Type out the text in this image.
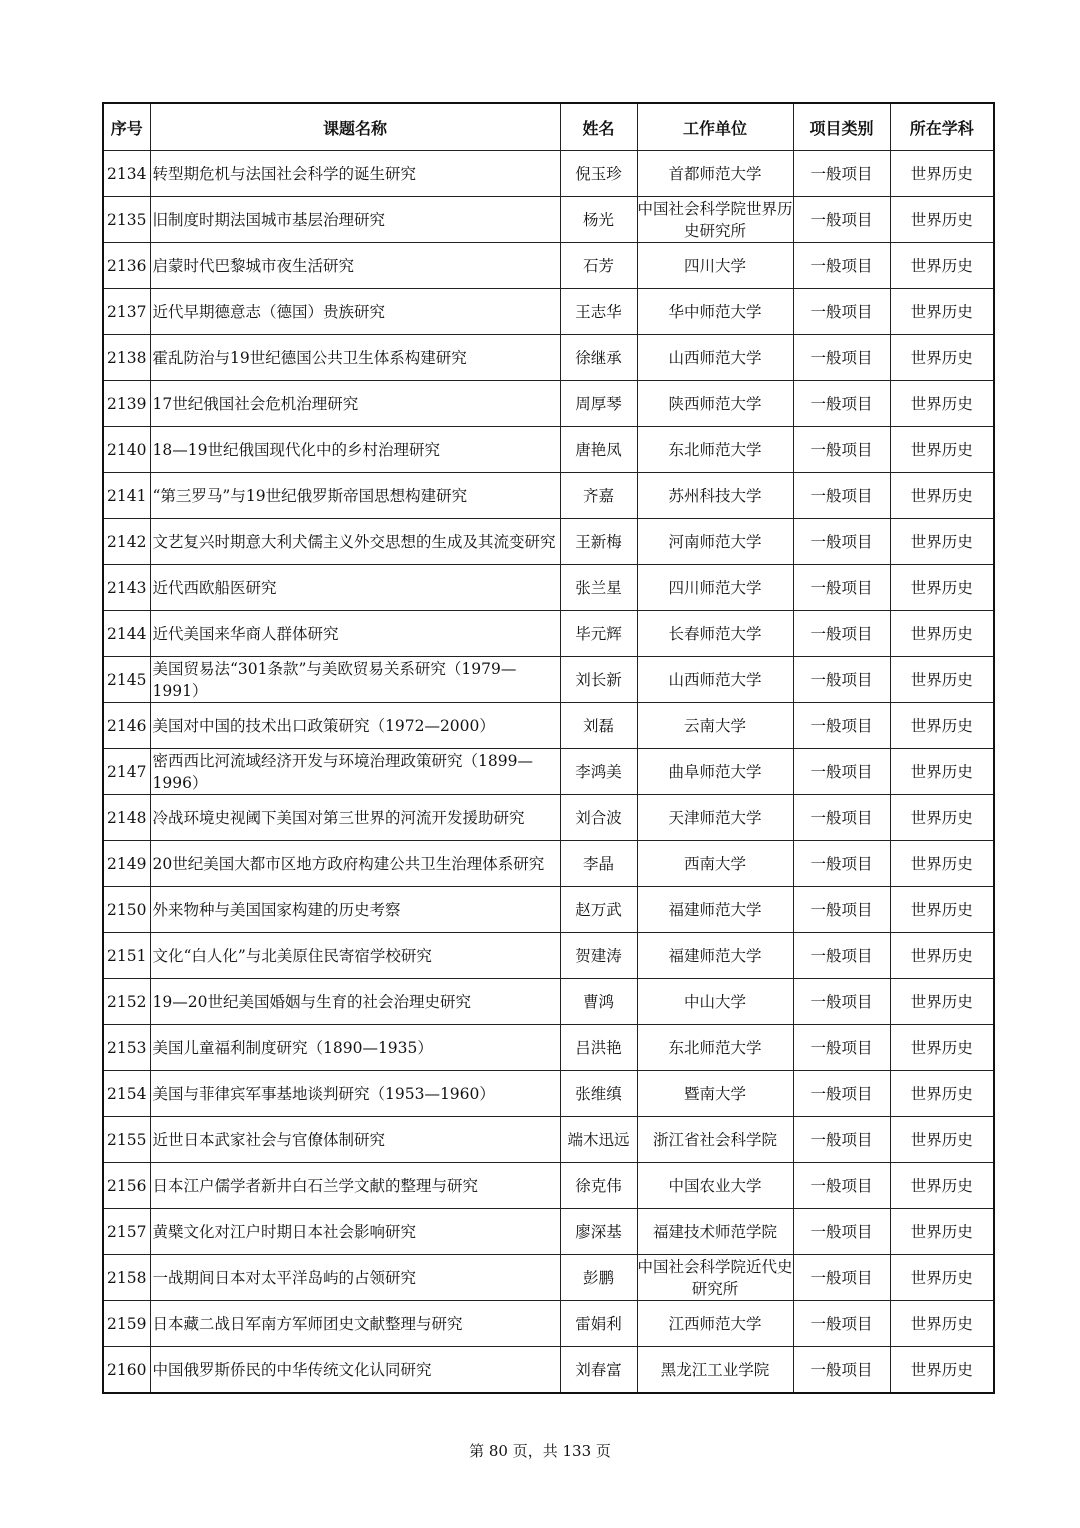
序号	课题名称	姓名	工作单位	项目类别	所在学科
2134	转型期危机与法国社会科学的诞生研究	倪玉珍	首都师范大学	一般项目	世界历史
2135	旧制度时期法国城市基层治理研究	杨光	中国社会科学院世界历史研究所	一般项目	世界历史
2136	启蒙时代巴黎城市夜生活研究	石芳	四川大学	一般项目	世界历史
2137	近代早期德意志（德国）贵族研究	王志华	华中师范大学	一般项目	世界历史
2138	霍乱防治与19世纪德国公共卫生体系构建研究	徐继承	山西师范大学	一般项目	世界历史
2139	17世纪俄国社会危机治理研究	周厚琴	陕西师范大学	一般项目	世界历史
2140	18—19世纪俄国现代化中的乡村治理研究	唐艳凤	东北师范大学	一般项目	世界历史
2141	“第三罗马”与19世纪俄罗斯帝国思想构建研究	齐嘉	苏州科技大学	一般项目	世界历史
2142	文艺复兴时期意大利犬儒主义外交思想的生成及其流变研究	王新梅	河南师范大学	一般项目	世界历史
2143	近代西欧船医研究	张兰星	四川师范大学	一般项目	世界历史
2144	近代美国来华商人群体研究	毕元辉	长春师范大学	一般项目	世界历史
2145	美国贸易法“301条款”与美欧贸易关系研究（1979—1991）	刘长新	山西师范大学	一般项目	世界历史
2146	美国对中国的技术出口政策研究（1972—2000）	刘磊	云南大学	一般项目	世界历史
2147	密西西比河流域经济开发与环境治理政策研究（1899—1996）	李鸿美	曲阜师范大学	一般项目	世界历史
2148	冷战环境史视阈下美国对第三世界的河流开发援助研究	刘合波	天津师范大学	一般项目	世界历史
2149	20世纪美国大都市区地方政府构建公共卫生治理体系研究	李晶	西南大学	一般项目	世界历史
2150	外来物种与美国国家构建的历史考察	赵万武	福建师范大学	一般项目	世界历史
2151	文化“白人化”与北美原住民寄宿学校研究	贺建涛	福建师范大学	一般项目	世界历史
2152	19—20世纪美国婚姻与生育的社会治理史研究	曹鸿	中山大学	一般项目	世界历史
2153	美国儿童福利制度研究（1890—1935）	吕洪艳	东北师范大学	一般项目	世界历史
2154	美国与菲律宾军事基地谈判研究（1953—1960）	张维缜	暨南大学	一般项目	世界历史
2155	近世日本武家社会与官僚体制研究	端木迅远	浙江省社会科学院	一般项目	世界历史
2156	日本江户儒学者新井白石兰学文献的整理与研究	徐克伟	中国农业大学	一般项目	世界历史
2157	黄檗文化对江户时期日本社会影响研究	廖深基	福建技术师范学院	一般项目	世界历史
2158	一战期间日本对太平洋岛屿的占领研究	彭鹏	中国社会科学院近代史研究所	一般项目	世界历史
2159	日本藏二战日军南方军师团史文献整理与研究	雷娟利	江西师范大学	一般项目	世界历史
2160	中国俄罗斯侨民的中华传统文化认同研究	刘春富	黑龙江工业学院	一般项目	世界历史
第 80 页，共 133 页
